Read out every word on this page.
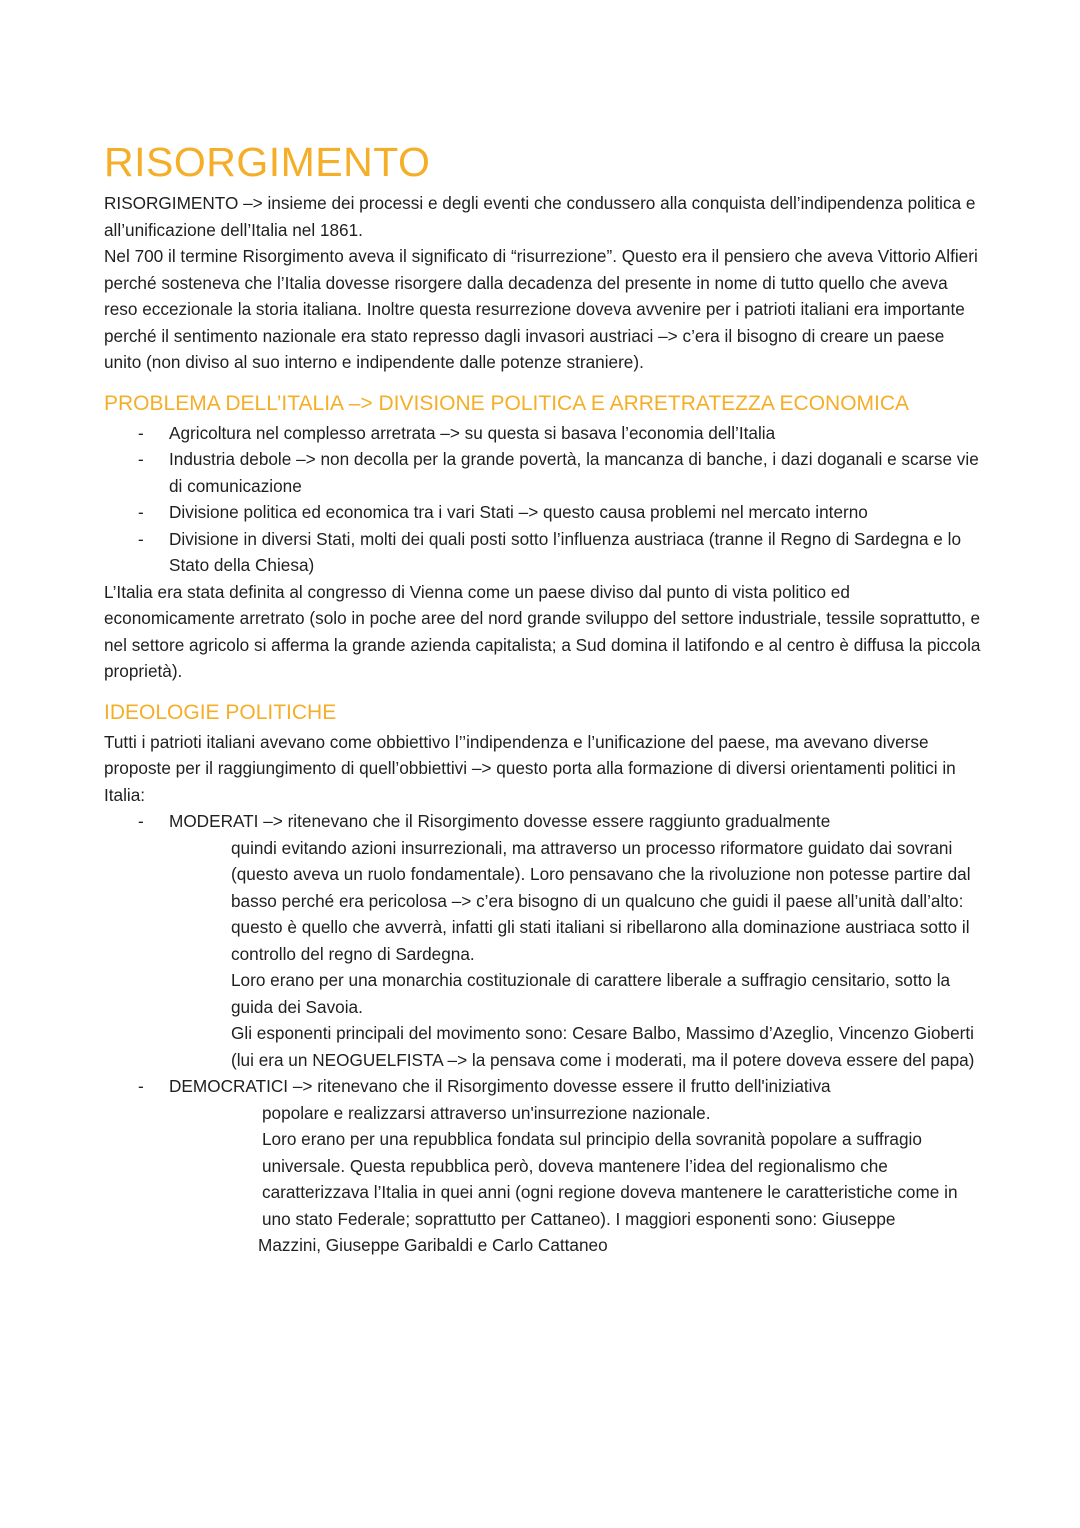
RISORGIMENTO

RISORGIMENTO –> insieme dei processi e degli eventi che condussero alla conquista dell’indipendenza politica e all’unificazione dell’Italia nel 1861.

Nel 700 il termine Risorgimento aveva il significato di “risurrezione”. Questo era il pensiero che aveva Vittorio Alfieri perché sosteneva che l’Italia dovesse risorgere dalla decadenza del presente in nome di tutto quello che aveva reso eccezionale la storia italiana. Inoltre questa resurrezione doveva avvenire per i patrioti italiani era importante perché il sentimento nazionale era stato represso dagli invasori austriaci –> c’era il bisogno di creare un paese unito (non diviso al suo interno e indipendente dalle potenze straniere).

PROBLEMA DELL’ITALIA –> DIVISIONE POLITICA E ARRETRATEZZA ECONOMICA
- Agricoltura nel complesso arretrata –> su questa si basava l’economia dell’Italia
- Industria debole –> non decolla per la grande povertà, la mancanza di banche, i dazi doganali e scarse vie di comunicazione
- Divisione politica ed economica tra i vari Stati –> questo causa problemi nel mercato interno
- Divisione in diversi Stati, molti dei quali posti sotto l’influenza austriaca (tranne il Regno di Sardegna e lo Stato della Chiesa)

L’Italia era stata definita al congresso di Vienna come un paese diviso dal punto di vista politico ed economicamente arretrato (solo in poche aree del nord grande sviluppo del settore industriale, tessile soprattutto, e nel settore agricolo si afferma la grande azienda capitalista; a Sud domina il latifondo e al centro è diffusa la piccola proprietà).

IDEOLOGIE POLITICHE

Tutti i patrioti italiani avevano come obbiettivo l’’indipendenza e l’unificazione del paese, ma avevano diverse proposte per il raggiungimento di quell’obbiettivi –> questo porta alla formazione di diversi orientamenti politici in Italia:

- MODERATI –> ritenevano che il Risorgimento dovesse essere raggiunto gradualmente

quindi evitando azioni insurrezionali, ma attraverso un processo riformatore guidato dai sovrani (questo aveva un ruolo fondamentale). Loro pensavano che la rivoluzione non potesse partire dal basso perché era pericolosa –> c’era bisogno di un qualcuno che guidi il paese all’unità dall’alto: questo è quello che avverrà, infatti gli stati italiani si ribellarono alla dominazione austriaca sotto il controllo del regno di Sardegna.

Loro erano per una monarchia costituzionale di carattere liberale a suffragio censitario, sotto la guida dei Savoia.

Gli esponenti principali del movimento sono: Cesare Balbo, Massimo d’Azeglio, Vincenzo Gioberti (lui era un NEOGUELFISTA –> la pensava come i moderati, ma il potere doveva essere del papa)

- DEMOCRATICI –> ritenevano che il Risorgimento dovesse essere il frutto dell'iniziativa

popolare e realizzarsi attraverso un'insurrezione nazionale.

Loro erano per una repubblica fondata sul principio della sovranità popolare a suffragio universale. Questa repubblica però, doveva mantenere l’idea del regionalismo che caratterizzava l’Italia in quei anni (ogni regione doveva mantenere le caratteristiche come in uno stato Federale; soprattutto per Cattaneo). I maggiori esponenti sono: Giuseppe

Mazzini, Giuseppe Garibaldi e Carlo Cattaneo
